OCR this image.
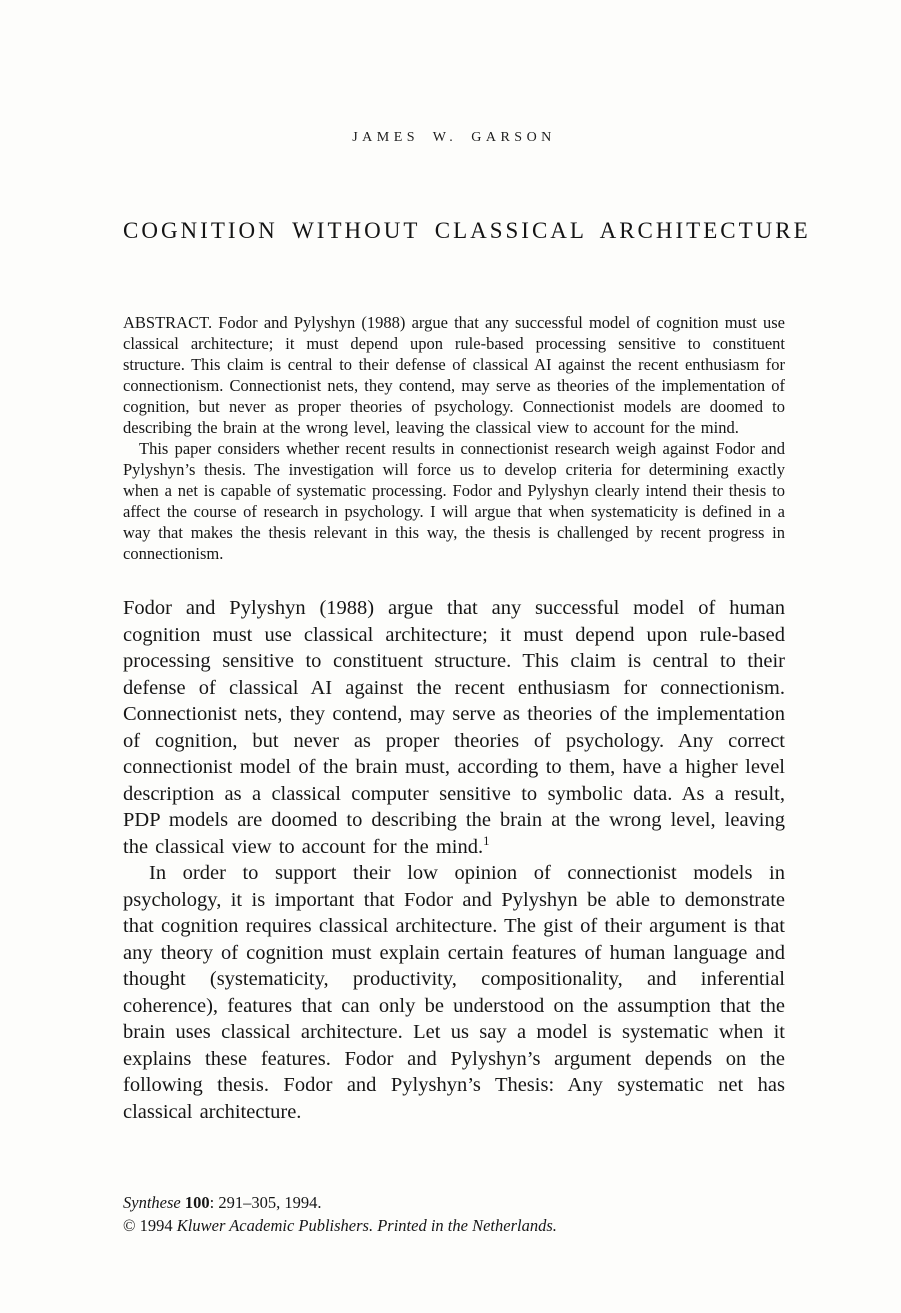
JAMES W. GARSON
COGNITION WITHOUT CLASSICAL ARCHITECTURE

ABSTRACT. Fodor and Pylyshyn (1988) argue that any successful model of cognition must use classical architecture; it must depend upon rule-based processing sensitive to constituent structure. This claim is central to their defense of classical AI against the recent enthusiasm for connectionism. Connectionist nets, they contend, may serve as theories of the implementation of cognition, but never as proper theories of psychology. Connectionist models are doomed to describing the brain at the wrong level, leaving the classical view to account for the mind.

This paper considers whether recent results in connectionist research weigh against Fodor and Pylyshyn’s thesis. The investigation will force us to develop criteria for determining exactly when a net is capable of systematic processing. Fodor and Pylyshyn clearly intend their thesis to affect the course of research in psychology. I will argue that when systematicity is defined in a way that makes the thesis relevant in this way, the thesis is challenged by recent progress in connectionism.

Fodor and Pylyshyn (1988) argue that any successful model of human cognition must use classical architecture; it must depend upon rule-based processing sensitive to constituent structure. This claim is central to their defense of classical AI against the recent enthusiasm for connectionism. Connectionist nets, they contend, may serve as theories of the implementation of cognition, but never as proper theories of psychology. Any correct connectionist model of the brain must, according to them, have a higher level description as a classical computer sensitive to symbolic data. As a result, PDP models are doomed to describing the brain at the wrong level, leaving the classical view to account for the mind.$^1$

In order to support their low opinion of connectionist models in psychology, it is important that Fodor and Pylyshyn be able to demonstrate that cognition requires classical architecture. The gist of their argument is that any theory of cognition must explain certain features of human language and thought (systematicity, productivity, compositionality, and inferential coherence), features that can only be understood on the assumption that the brain uses classical architecture. Let us say a model is systematic when it explains these features. Fodor and Pylyshyn’s argument depends on the following thesis. Fodor and Pylyshyn’s Thesis: Any systematic net has classical architecture.

Synthese 100: 291–305, 1994.
© 1994 Kluwer Academic Publishers. Printed in the Netherlands.
